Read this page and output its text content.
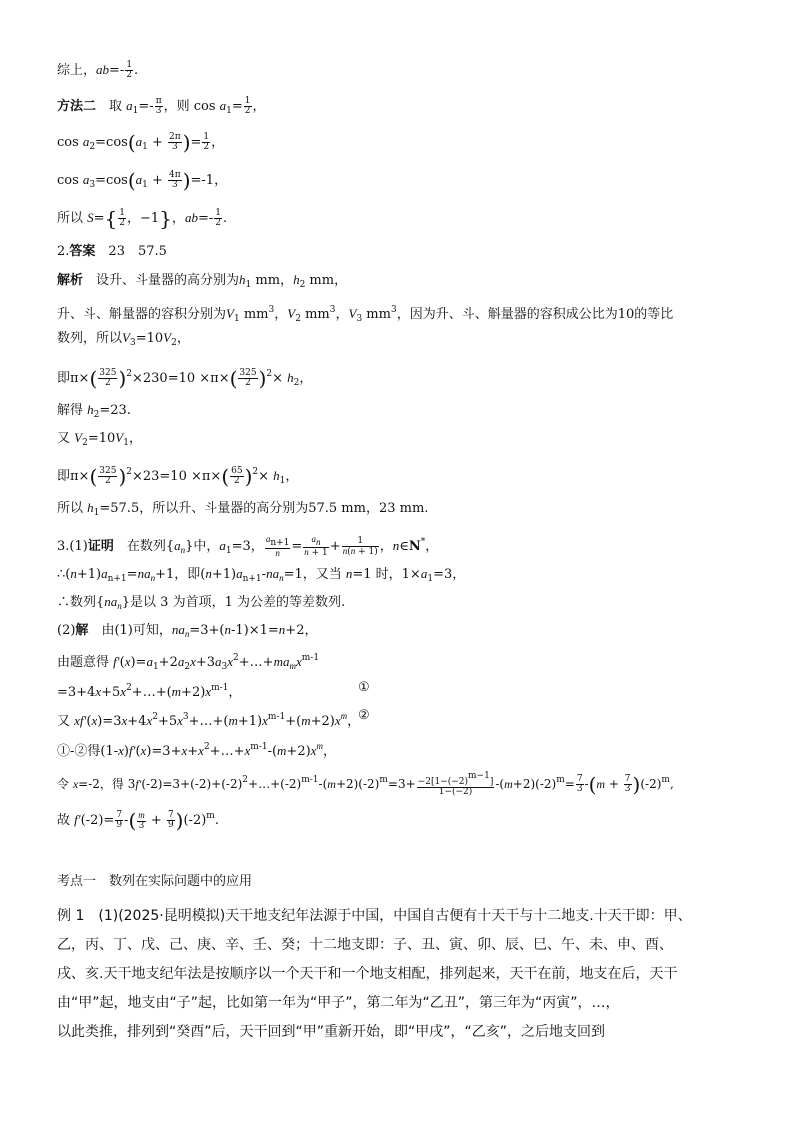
综上，$ab=- \frac{1}{2}$ .
方法二　取 $a_1=- \frac{\pi}{3}$ ，则 $\cos a_1= \frac{1}{2}$ ，
$\cos a_2=\cos(a_1 + \frac{2\pi}{3}$ )= $\frac{1}{2}$ ，
$\cos a_3=\cos(a_1 + \frac{4\pi}{3} )=-1$，
所以 $S=\{ \frac{1}{2}$ ，−1}，$ab=- \frac{1}{2}$ .
2.答案　23　57.5
解析　设升、斗量器的高分别为$h_1$ mm，$h_2$ mm，
升、斗、斛量器的容积分别为$V_1$ $mm^3$，$V_2$ $mm^3$，$V_3$ $mm^3$，因为升、斗、斛量器的容积成公比为10的等比
数列，所以$V_3=10V_2$，
即$\pi\times( \frac{325}{2} )^2\times 230=10 \times\pi\times( \frac{325}{2} )^2\times h_2$，
解得 $h_2=23$.
又 $V_2=10V_1$，
即$\pi\times( \frac{325}{2} )^2\times 23=10 \times\pi\times( \frac{65}{2} )^2\times h_1$，
所以 $h_1=57.5$，所以升、斗量器的高分别为57.5 mm，23 mm.
3.(1)证明　在数列$\{a_n\}$中，$a_1=3$， $\frac{a_{n+1}}{n} = \frac{a_n}{n + 1} + \frac{1}{n(n + 1)}$ ，n∈N*，
$\therefore(n+1)a_{n+1}=na_n+1$，即$(n+1)a_{n+1}-na_n=1$，又当 n=1 时，$1\times a_1=3$，
∴数列$\{na_n\}$是以 3 为首项，1 为公差的等差数列.
(2)解　由(1)可知，$na_n=3+(n-1)\times 1=n+2$，
由题意得 $f'(x)=a_1+2a_2x+3a_3x^2+\dots+ma_mx^{m-1}$
$=3+4x+5x^2+\dots+(m+2)x^{m-1}$，	①
又 $xf'(x)=3x+4x^2+5x^3+\dots+(m+1)x^{m-1}+(m+2)x^m$，
②
①-②得$(1-x)f'(x)=3+x+x^2+\dots+x^{m-1}-(m+2)x^m$，
令 x=-2，得 $3f'(-2)=3+(-2)+(-2)^2+\dots+(-2)^{m-1}-(m+2)(-2)^m=3+ \frac{-2[1-(-2)^{m-1}]}{1-(-2)} -(m+2)(-2)^m= \frac{7}{3} -(m + \frac{7}{3} )(-2)^m$,
故 $f'(-2)= \frac{7}{9}$ -( $\frac{m}{3} + \frac{7}{9} )(-2)^m$.
考点一　数列在实际问题中的应用
例 1　(1)(2025·昆明模拟)天干地支纪年法源于中国，中国自古便有十天干与十二地支.十天干即：甲、
乙，丙、丁、戊、己、庚、辛、壬、癸；十二地支即：子、丑、寅、卯、辰、巳、午、未、申、酉、
戌、亥.天干地支纪年法是按顺序以一个天干和一个地支相配，排列起来，天干在前，地支在后，天干
由“甲”起，地支由“子”起，比如第一年为“甲子”，第二年为“乙丑”，第三年为“丙寅”，…，
以此类推，排列到“癸酉”后，天干回到“甲”重新开始，即“甲戌”，“乙亥”，之后地支回到
